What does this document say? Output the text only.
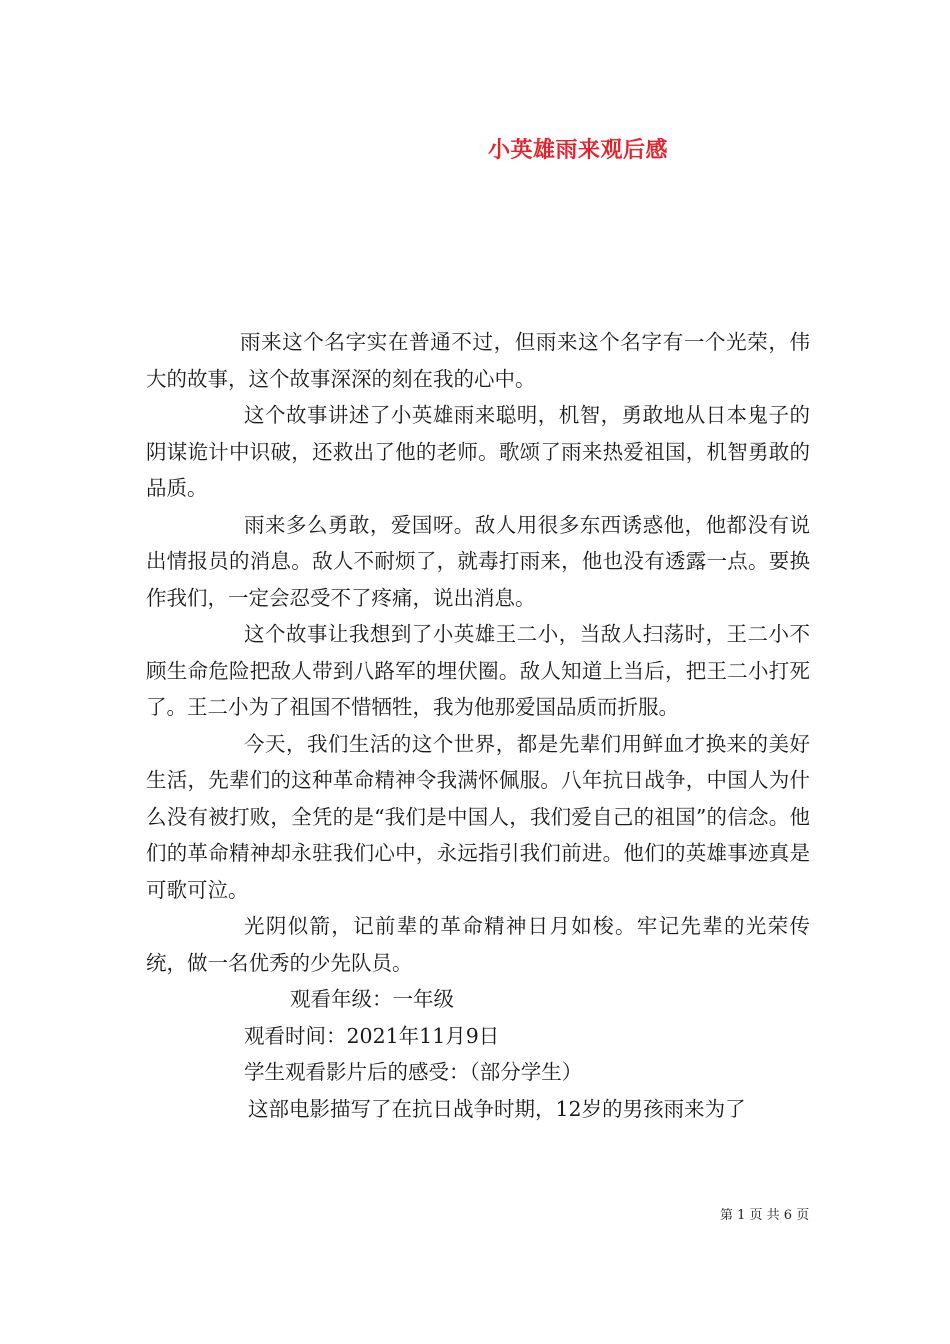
小英雄雨来观后感

雨来这个名字实在普通不过，但雨来这个名字有一个光荣，伟大的故事，这个故事深深的刻在我的心中。

这个故事讲述了小英雄雨来聪明，机智，勇敢地从日本鬼子的阴谋诡计中识破，还救出了他的老师。歌颂了雨来热爱祖国，机智勇敢的品质。

雨来多么勇敢，爱国呀。敌人用很多东西诱惑他，他都没有说出情报员的消息。敌人不耐烦了，就毒打雨来，他也没有透露一点。要换作我们，一定会忍受不了疼痛，说出消息。

这个故事让我想到了小英雄王二小，当敌人扫荡时，王二小不顾生命危险把敌人带到八路军的埋伏圈。敌人知道上当后，把王二小打死了。王二小为了祖国不惜牺牲，我为他那爱国品质而折服。

今天，我们生活的这个世界，都是先辈们用鲜血才换来的美好生活，先辈们的这种革命精神令我满怀佩服。八年抗日战争，中国人为什么没有被打败，全凭的是“我们是中国人，我们爱自己的祖国”的信念。他们的革命精神却永驻我们心中，永远指引我们前进。他们的英雄事迹真是可歌可泣。

光阴似箭，记前辈的革命精神日月如梭。牢记先辈的光荣传统，做一名优秀的少先队员。

观看年级：一年级

观看时间：2021年11月9日

学生观看影片后的感受：（部分学生）

这部电影描写了在抗日战争时期，12岁的男孩雨来为了

第 1 页 共 6 页
